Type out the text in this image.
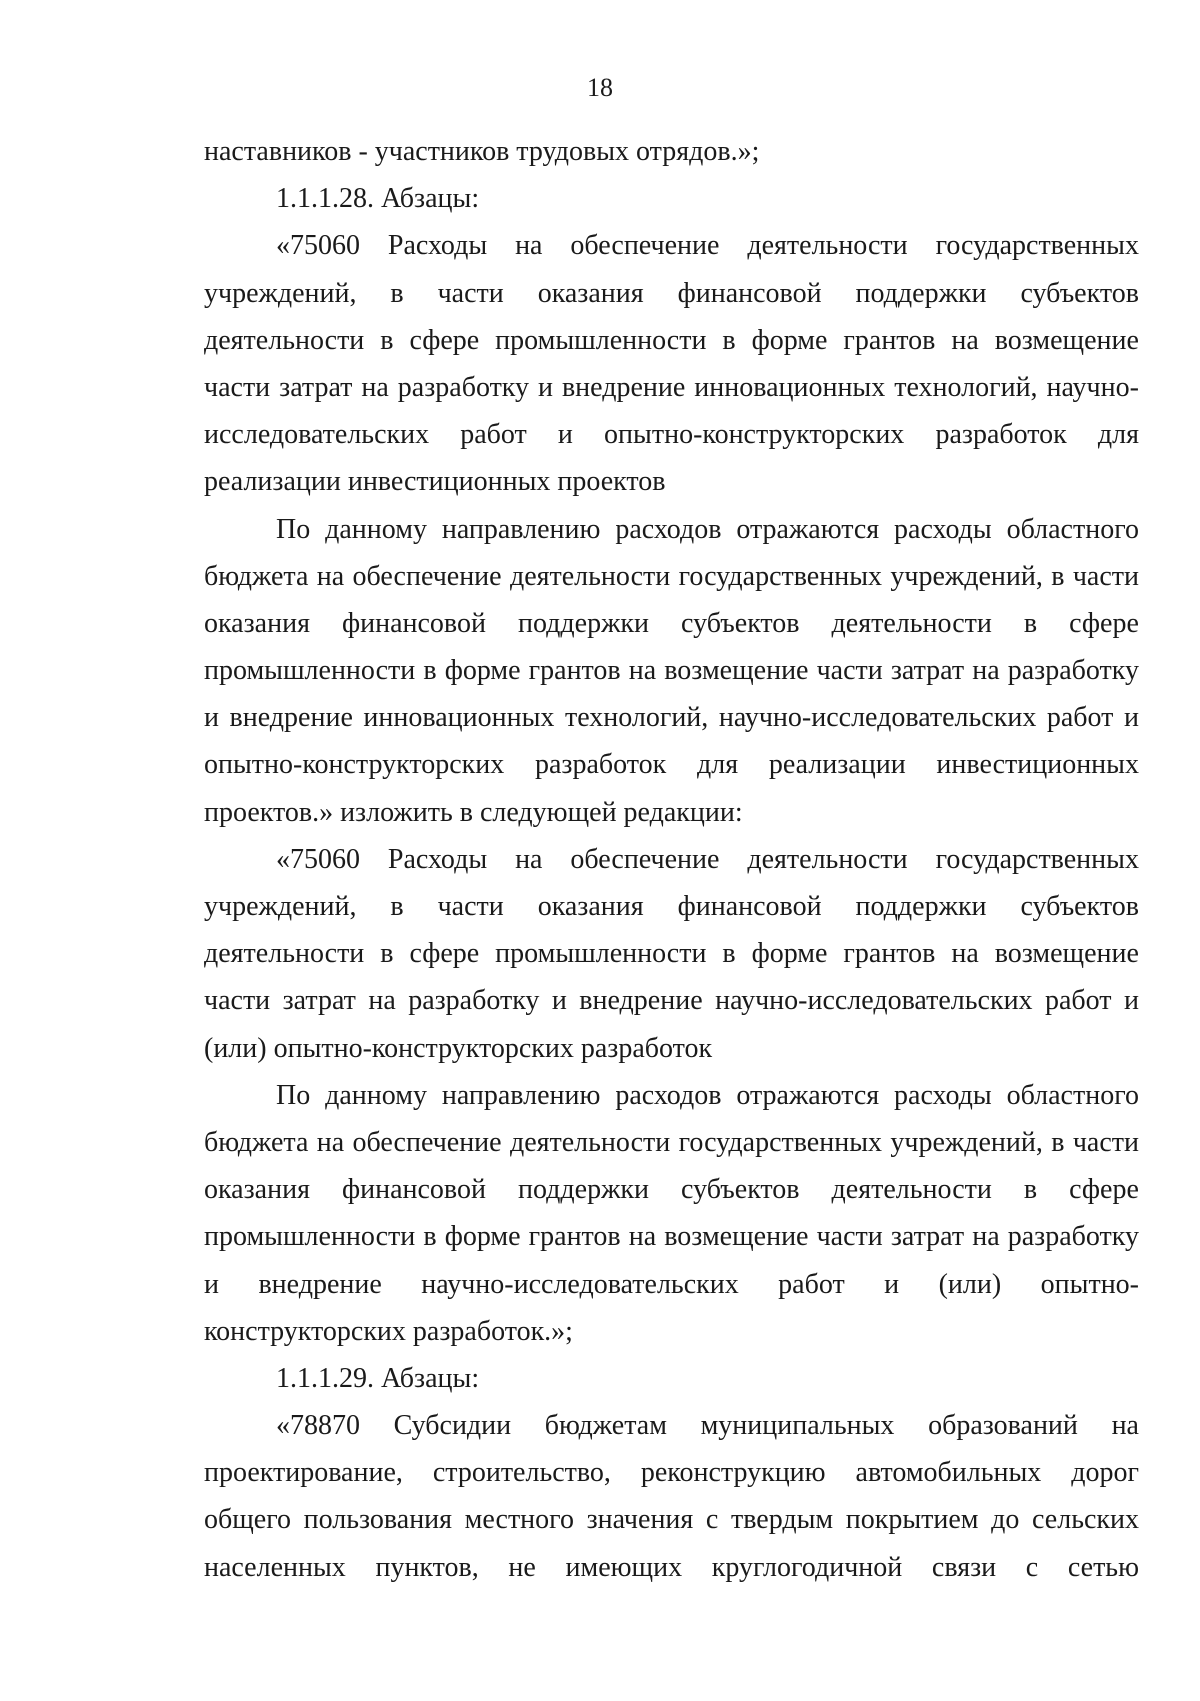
18
наставников - участников трудовых отрядов.»;
1.1.1.28. Абзацы:
«75060 Расходы на обеспечение деятельности государственных
учреждений, в части оказания финансовой поддержки субъектов
деятельности в сфере промышленности в форме грантов на возмещение
части затрат на разработку и внедрение инновационных технологий, научно-
исследовательских работ и опытно-конструкторских разработок для
реализации инвестиционных проектов
По данному направлению расходов отражаются расходы областного
бюджета на обеспечение деятельности государственных учреждений, в части
оказания финансовой поддержки субъектов деятельности в сфере
промышленности в форме грантов на возмещение части затрат на разработку
и внедрение инновационных технологий, научно-исследовательских работ и
опытно-конструкторских разработок для реализации инвестиционных
проектов.» изложить в следующей редакции:
«75060 Расходы на обеспечение деятельности государственных
учреждений, в части оказания финансовой поддержки субъектов
деятельности в сфере промышленности в форме грантов на возмещение
части затрат на разработку и внедрение научно-исследовательских работ и
(или) опытно-конструкторских разработок
По данному направлению расходов отражаются расходы областного
бюджета на обеспечение деятельности государственных учреждений, в части
оказания финансовой поддержки субъектов деятельности в сфере
промышленности в форме грантов на возмещение части затрат на разработку
и внедрение научно-исследовательских работ и (или) опытно-
конструкторских разработок.»;
1.1.1.29. Абзацы:
«78870 Субсидии бюджетам муниципальных образований на
проектирование, строительство, реконструкцию автомобильных дорог
общего пользования местного значения с твердым покрытием до сельских
населенных пунктов, не имеющих круглогодичной связи с сетью
